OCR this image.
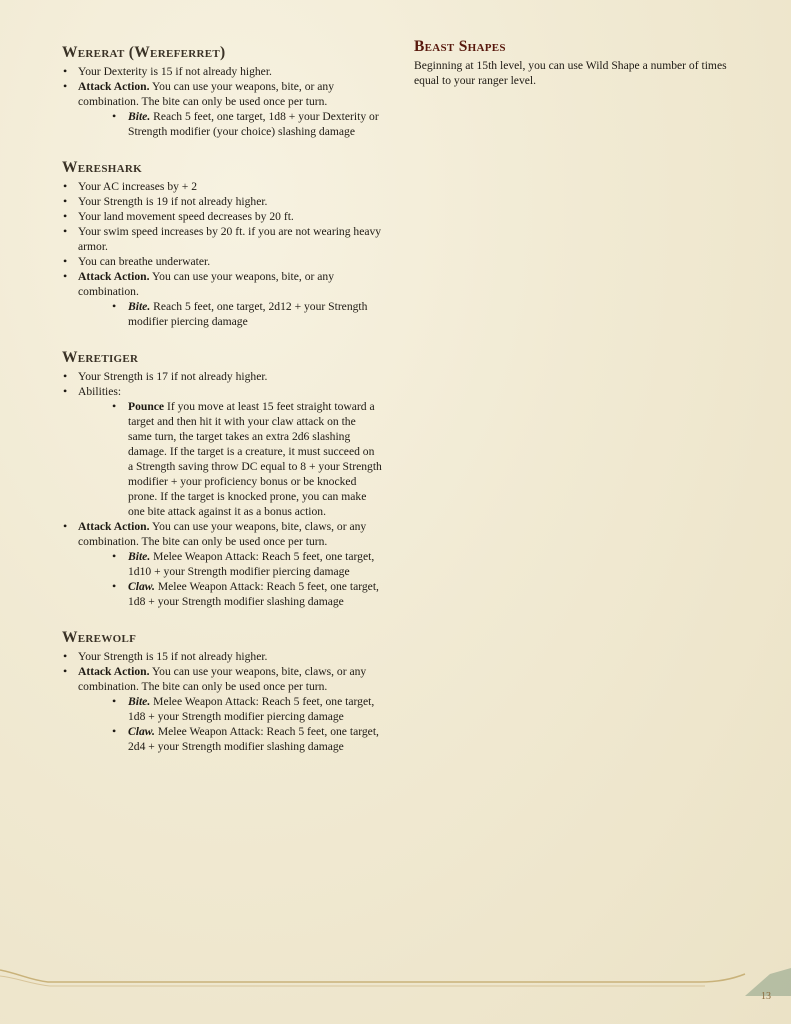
Wererat (Wereferret)
• Your Dexterity is 15 if not already higher.
• Attack Action. You can use your weapons, bite, or any combination. The bite can only be used once per turn.
• Bite. Reach 5 feet, one target, 1d8 + your Dexterity or Strength modifier (your choice) slashing damage
Wereshark
• Your AC increases by + 2
• Your Strength is 19 if not already higher.
• Your land movement speed decreases by 20 ft.
• Your swim speed increases by 20 ft. if you are not wearing heavy armor.
• You can breathe underwater.
• Attack Action. You can use your weapons, bite, or any combination.
• Bite. Reach 5 feet, one target, 2d12 + your Strength modifier piercing damage
Weretiger
• Your Strength is 17 if not already higher.
• Abilities:
• Pounce If you move at least 15 feet straight toward a target and then hit it with your claw attack on the same turn, the target takes an extra 2d6 slashing damage. If the target is a creature, it must succeed on a Strength saving throw DC equal to 8 + your Strength modifier + your proficiency bonus or be knocked prone. If the target is knocked prone, you can make one bite attack against it as a bonus action.
• Attack Action. You can use your weapons, bite, claws, or any combination. The bite can only be used once per turn.
• Bite. Melee Weapon Attack: Reach 5 feet, one target, 1d10 + your Strength modifier piercing damage
• Claw. Melee Weapon Attack: Reach 5 feet, one target, 1d8 + your Strength modifier slashing damage
Werewolf
• Your Strength is 15 if not already higher.
• Attack Action. You can use your weapons, bite, claws, or any combination. The bite can only be used once per turn.
• Bite. Melee Weapon Attack: Reach 5 feet, one target, 1d8 + your Strength modifier piercing damage
• Claw. Melee Weapon Attack: Reach 5 feet, one target, 2d4 + your Strength modifier slashing damage
Beast Shapes
Beginning at 15th level, you can use Wild Shape a number of times equal to your ranger level.
13
